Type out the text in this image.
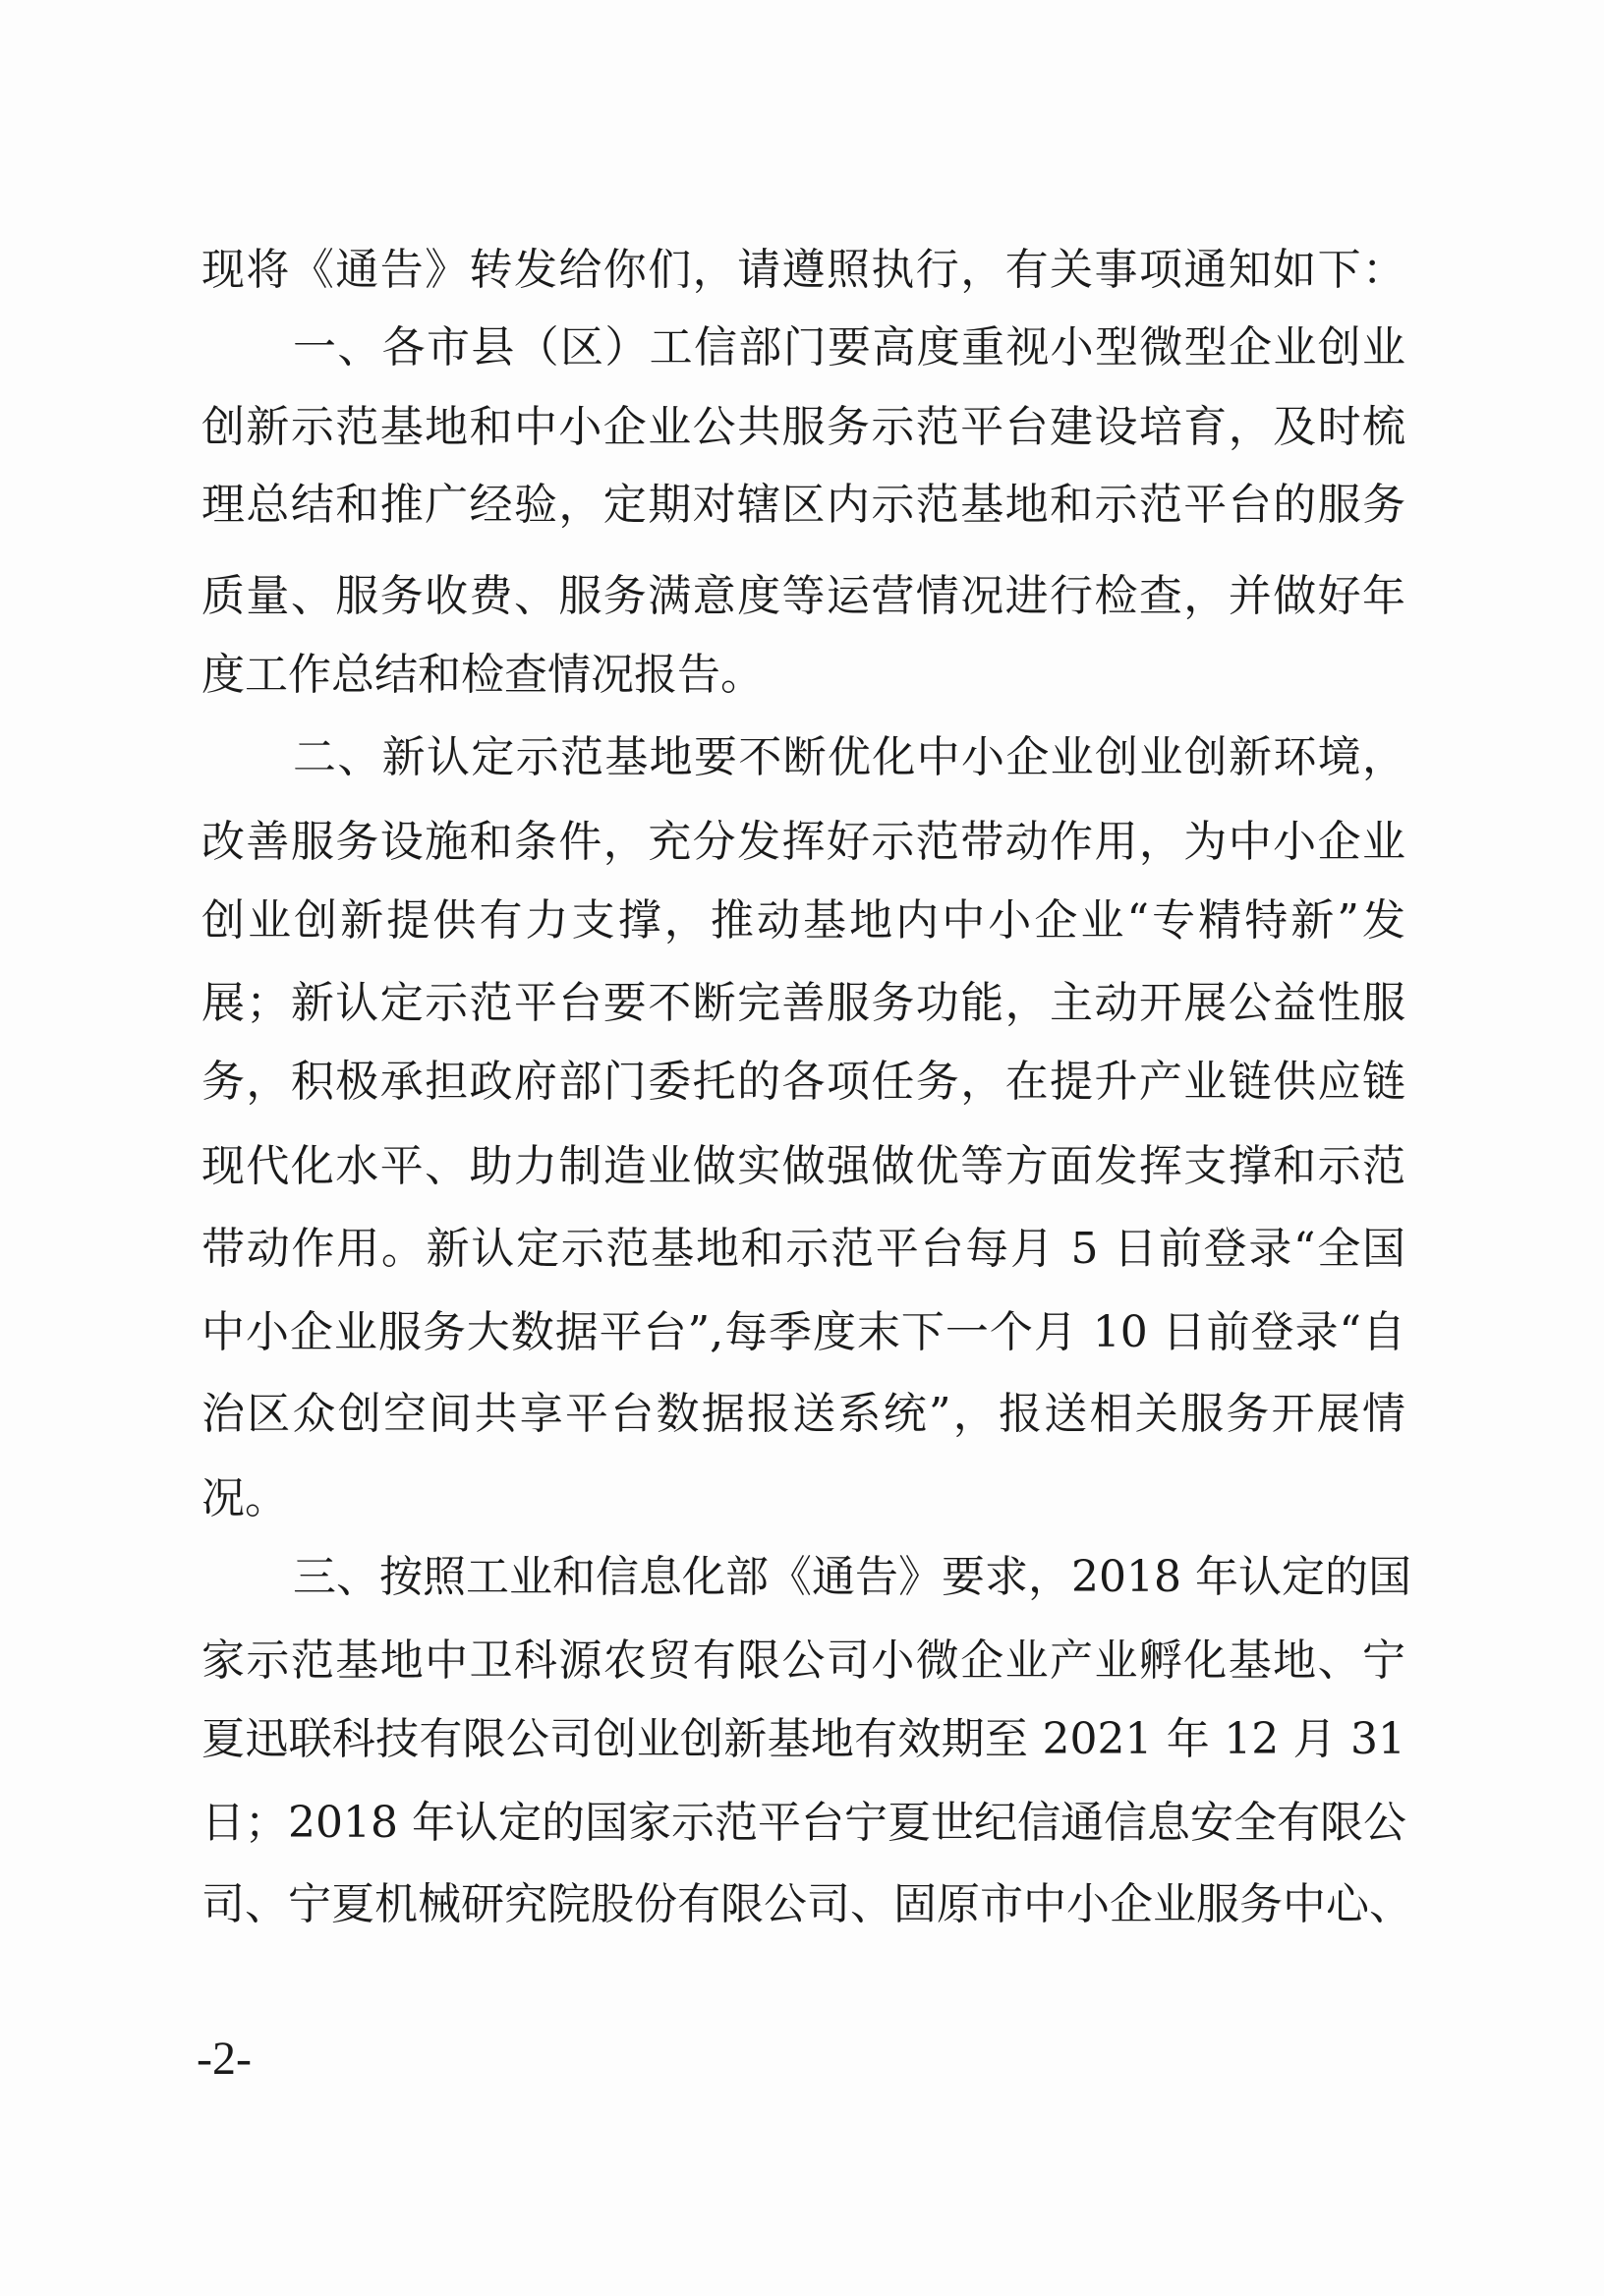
现将《通告》转发给你们，请遵照执行，有关事项通知如下：
一、各市县（区）工信部门要高度重视小型微型企业创业
创新示范基地和中小企业公共服务示范平台建设培育，及时梳
理总结和推广经验，定期对辖区内示范基地和示范平台的服务
质量、服务收费、服务满意度等运营情况进行检查，并做好年
度工作总结和检查情况报告。
二、新认定示范基地要不断优化中小企业创业创新环境，
改善服务设施和条件，充分发挥好示范带动作用，为中小企业
创业创新提供有力支撑，推动基地内中小企业“专精特新”发
展；新认定示范平台要不断完善服务功能，主动开展公益性服
务，积极承担政府部门委托的各项任务，在提升产业链供应链
现代化水平、助力制造业做实做强做优等方面发挥支撑和示范
带动作用。新认定示范基地和示范平台每月 5 日前登录“全国
中小企业服务大数据平台”,每季度末下一个月 10 日前登录“自
治区众创空间共享平台数据报送系统”，报送相关服务开展情
况。
三、按照工业和信息化部《通告》要求，2018 年认定的国
家示范基地中卫科源农贸有限公司小微企业产业孵化基地、宁
夏迅联科技有限公司创业创新基地有效期至 2021 年 12 月 31
日；2018 年认定的国家示范平台宁夏世纪信通信息安全有限公
司、宁夏机械研究院股份有限公司、固原市中小企业服务中心、
-2-
